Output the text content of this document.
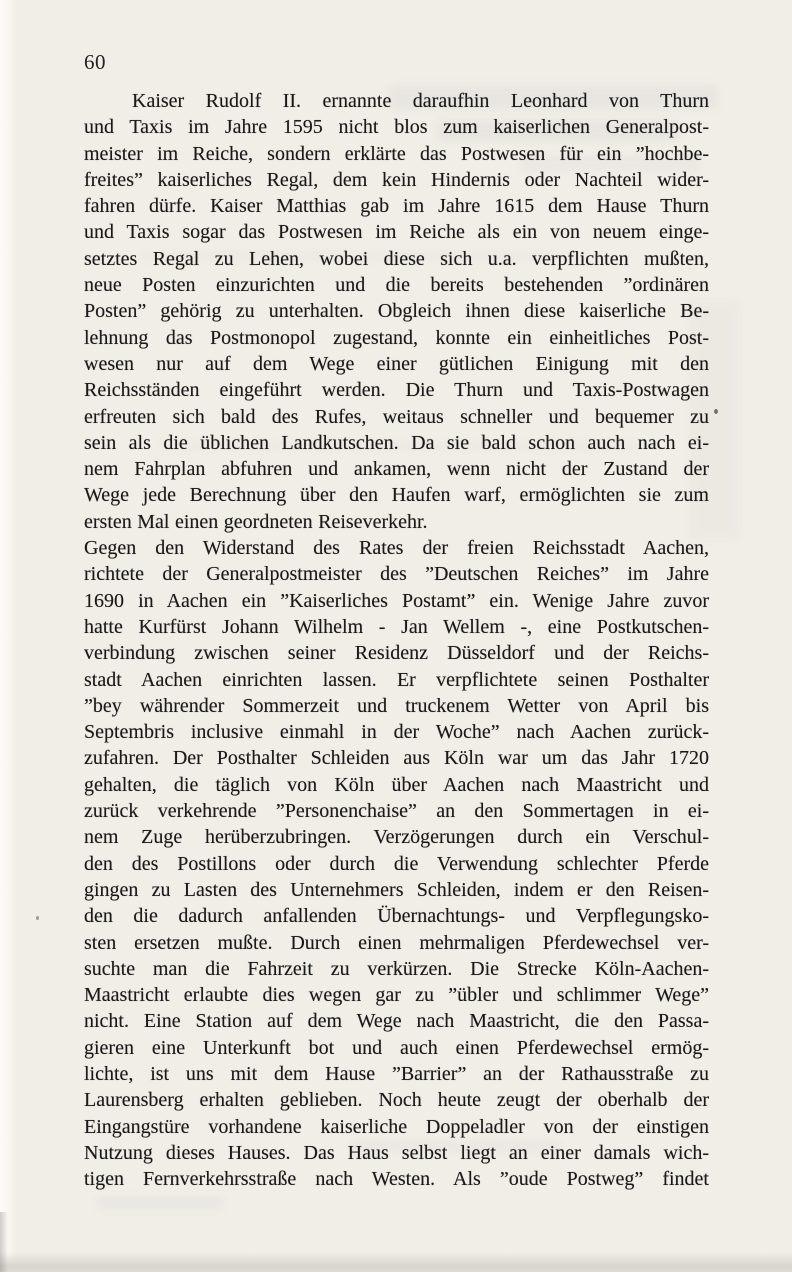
60
Kaiser Rudolf II. ernannte daraufhin Leonhard von Thurn
und Taxis im Jahre 1595 nicht blos zum kaiserlichen Generalpost-
meister im Reiche, sondern erklärte das Postwesen für ein ”hochbe-
freites” kaiserliches Regal, dem kein Hindernis oder Nachteil wider-
fahren dürfe. Kaiser Matthias gab im Jahre 1615 dem Hause Thurn
und Taxis sogar das Postwesen im Reiche als ein von neuem einge-
setztes Regal zu Lehen, wobei diese sich u.a. verpflichten mußten,
neue Posten einzurichten und die bereits bestehenden ”ordinären
Posten” gehörig zu unterhalten. Obgleich ihnen diese kaiserliche Be-
lehnung das Postmonopol zugestand, konnte ein einheitliches Post-
wesen nur auf dem Wege einer gütlichen Einigung mit den
Reichsständen eingeführt werden. Die Thurn und Taxis-Postwagen
erfreuten sich bald des Rufes, weitaus schneller und bequemer zu
sein als die üblichen Landkutschen. Da sie bald schon auch nach ei-
nem Fahrplan abfuhren und ankamen, wenn nicht der Zustand der
Wege jede Berechnung über den Haufen warf, ermöglichten sie zum
ersten Mal einen geordneten Reiseverkehr.
Gegen den Widerstand des Rates der freien Reichsstadt Aachen,
richtete der Generalpostmeister des ”Deutschen Reiches” im Jahre
1690 in Aachen ein ”Kaiserliches Postamt” ein. Wenige Jahre zuvor
hatte Kurfürst Johann Wilhelm - Jan Wellem -, eine Postkutschen-
verbindung zwischen seiner Residenz Düsseldorf und der Reichs-
stadt Aachen einrichten lassen. Er verpflichtete seinen Posthalter
”bey währender Sommerzeit und truckenem Wetter von April bis
Septembris inclusive einmahl in der Woche” nach Aachen zurück-
zufahren. Der Posthalter Schleiden aus Köln war um das Jahr 1720
gehalten, die täglich von Köln über Aachen nach Maastricht und
zurück verkehrende ”Personenchaise” an den Sommertagen in ei-
nem Zuge herüberzubringen. Verzögerungen durch ein Verschul-
den des Postillons oder durch die Verwendung schlechter Pferde
gingen zu Lasten des Unternehmers Schleiden, indem er den Reisen-
den die dadurch anfallenden Übernachtungs- und Verpflegungsko-
sten ersetzen mußte. Durch einen mehrmaligen Pferdewechsel ver-
suchte man die Fahrzeit zu verkürzen. Die Strecke Köln-Aachen-
Maastricht erlaubte dies wegen gar zu ”übler und schlimmer Wege”
nicht. Eine Station auf dem Wege nach Maastricht, die den Passa-
gieren eine Unterkunft bot und auch einen Pferdewechsel ermög-
lichte, ist uns mit dem Hause ”Barrier” an der Rathausstraße zu
Laurensberg erhalten geblieben. Noch heute zeugt der oberhalb der
Eingangstüre vorhandene kaiserliche Doppeladler von der einstigen
Nutzung dieses Hauses. Das Haus selbst liegt an einer damals wich-
tigen Fernverkehrsstraße nach Westen. Als ”oude Postweg” findet
